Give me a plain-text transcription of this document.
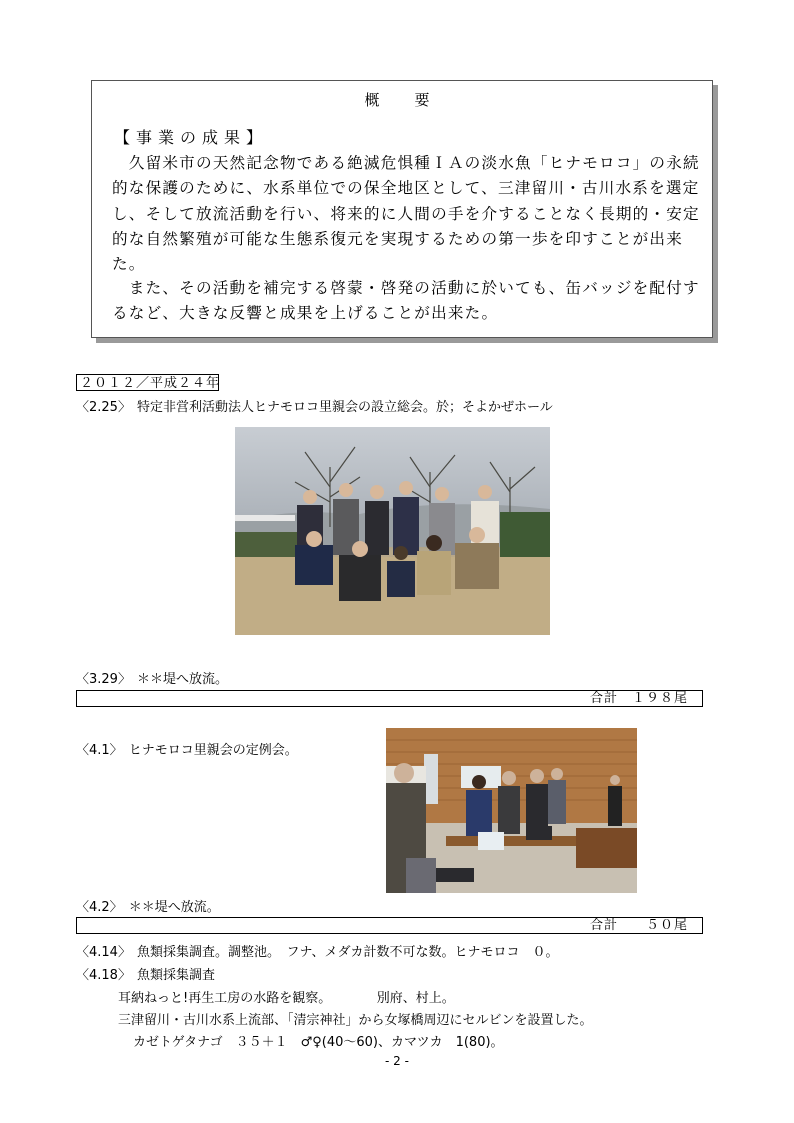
概　要
【事業の成果】

　久留米市の天然記念物である絶滅危惧種ＩＡの淡水魚「ヒナモロコ」の永続的な保護のために、水系単位での保全地区として、三津留川・古川水系を選定し、そして放流活動を行い、将来的に人間の手を介することなく長期的・安定的な自然繁殖が可能な生態系復元を実現するための第一歩を印すことが出来た。

　また、その活動を補完する啓蒙・啓発の活動に於いても、缶バッジを配付するなど、大きな反響と成果を上げることが出来た。

２０１２／平成２４年
〈2.25〉 特定非営利活動法人ヒナモロコ里親会の設立総会。於；そよかぜホール
〈3.29〉 ＊＊堤へ放流。
合計　１９８尾
〈4.1〉 ヒナモロコ里親会の定例会。
〈4.2〉 ＊＊堤へ放流。
合計　　５０尾
〈4.14〉 魚類採集調査。調整池。　フナ、メダカ計数不可な数。ヒナモロコ　０。
〈4.18〉 魚類採集調査
耳納ねっと!再生工房の水路を観察。　　　　別府、村上。
三津留川・古川水系上流部、「清宗神社」から女塚橋周辺にセルビンを設置した。
カゼトゲタナゴ　３５＋１　♂♀(40～60)、カマツカ　1(80)。
- 2 -
